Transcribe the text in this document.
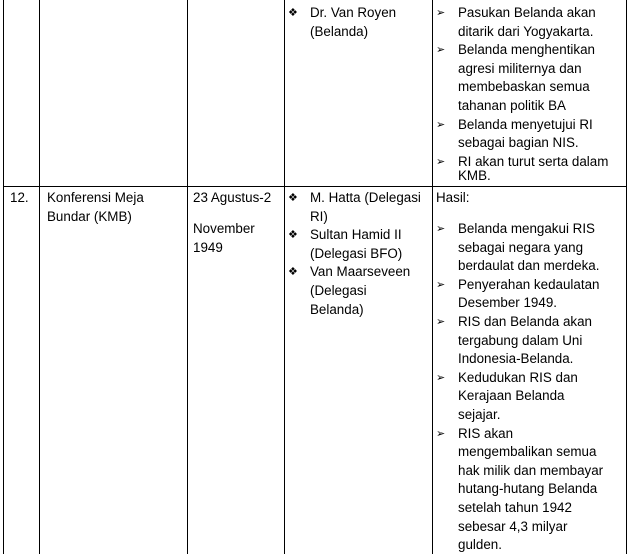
❖ Dr. Van Royen
(Belanda)
➢ Pasukan Belanda akan
ditarik dari Yogyakarta.
➢ Belanda menghentikan
agresi militernya dan
membebaskan semua
tahanan politik BA
➢ Belanda menyetujui RI
sebagai bagian NIS.
➢ RI akan turut serta dalam
KMB.
12. Konferensi Meja
Bundar (KMB)
23 Agustus-2
November
1949
❖ M. Hatta (Delegasi
RI)
❖ Sultan Hamid II
(Delegasi BFO)
❖ Van Maarseveen
(Delegasi
Belanda)
Hasil:
➢ Belanda mengakui RIS
sebagai negara yang
berdaulat dan merdeka.
➢ Penyerahan kedaulatan
Desember 1949.
➢ RIS dan Belanda akan
tergabung dalam Uni
Indonesia-Belanda.
➢ Kedudukan RIS dan
Kerajaan Belanda
sejajar.
➢ RIS akan
mengembalikan semua
hak milik dan membayar
hutang-hutang Belanda
setelah tahun 1942
sebesar 4,3 milyar
gulden.
